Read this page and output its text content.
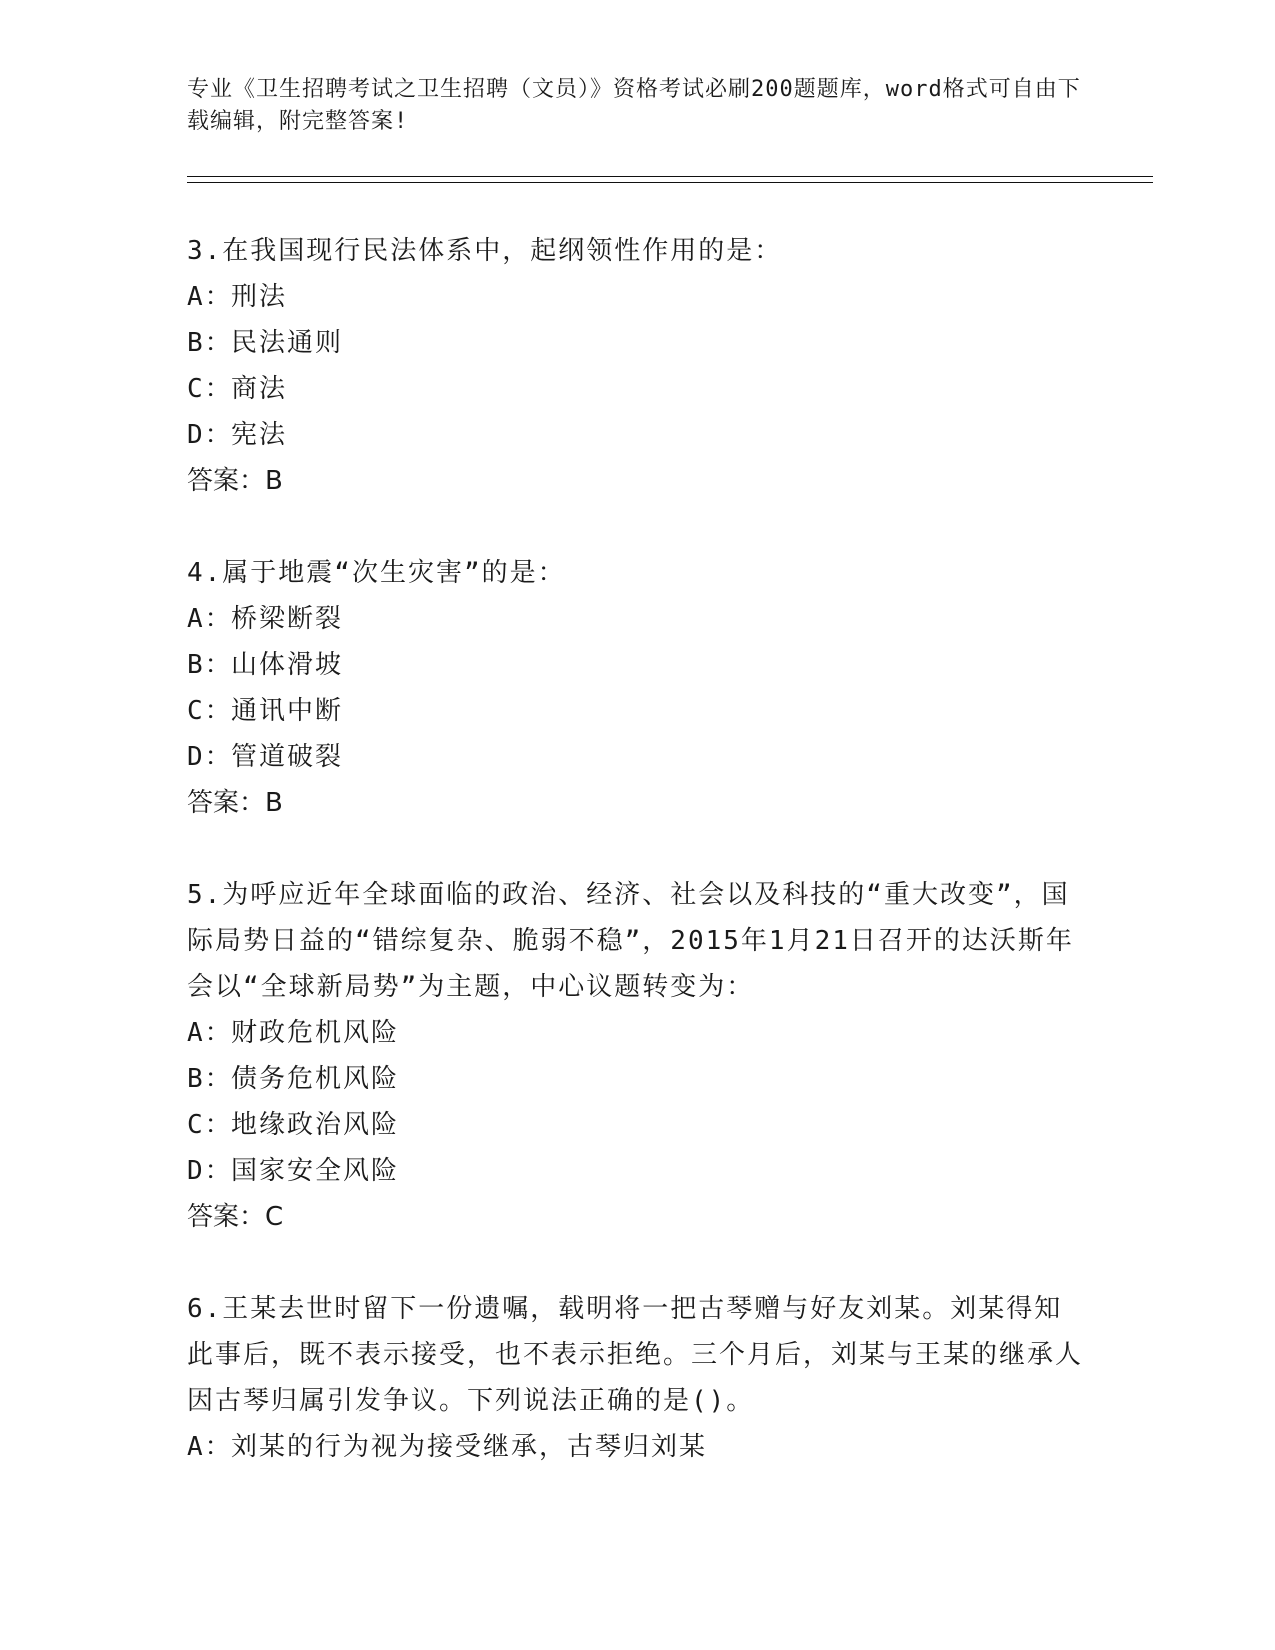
专业《卫生招聘考试之卫生招聘（文员）》资格考试必刷200题题库，word格式可自由下载编辑，附完整答案!

3.在我国现行民法体系中，起纲领性作用的是：

A：刑法

B：民法通则

C：商法

D：宪法

答案：B

4.属于地震“次生灾害”的是：

A：桥梁断裂

B：山体滑坡

C：通讯中断

D：管道破裂

答案：B

5.为呼应近年全球面临的政治、经济、社会以及科技的“重大改变”，国际局势日益的“错综复杂、脆弱不稳”，2015年1月21日召开的达沃斯年会以“全球新局势”为主题，中心议题转变为：

A：财政危机风险

B：债务危机风险

C：地缘政治风险

D：国家安全风险

答案：C

6.王某去世时留下一份遗嘱，载明将一把古琴赠与好友刘某。刘某得知此事后，既不表示接受，也不表示拒绝。三个月后，刘某与王某的继承人因古琴归属引发争议。下列说法正确的是()。

A：刘某的行为视为接受继承，古琴归刘某
